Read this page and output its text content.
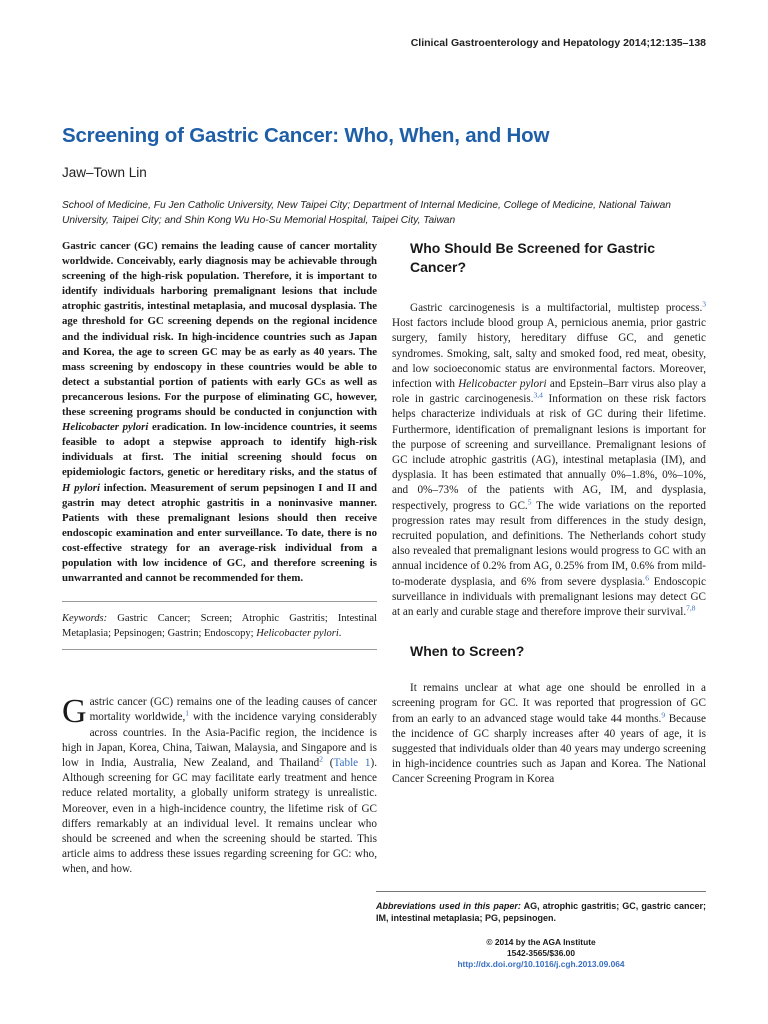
Clinical Gastroenterology and Hepatology 2014;12:135–138
Screening of Gastric Cancer: Who, When, and How
Jaw–Town Lin
School of Medicine, Fu Jen Catholic University, New Taipei City; Department of Internal Medicine, College of Medicine, National Taiwan University, Taipei City; and Shin Kong Wu Ho-Su Memorial Hospital, Taipei City, Taiwan

Gastric cancer (GC) remains the leading cause of cancer mortality worldwide. Conceivably, early diagnosis may be achievable through screening of the high-risk population. Therefore, it is important to identify individuals harboring premalignant lesions that include atrophic gastritis, intestinal metaplasia, and mucosal dysplasia. The age threshold for GC screening depends on the regional incidence and the individual risk. In high-incidence countries such as Japan and Korea, the age to screen GC may be as early as 40 years. The mass screening by endoscopy in these countries would be able to detect a substantial portion of patients with early GCs as well as precancerous lesions. For the purpose of eliminating GC, however, these screening programs should be conducted in conjunction with Helicobacter pylori eradication. In low-incidence countries, it seems feasible to adopt a stepwise approach to identify high-risk individuals at first. The initial screening should focus on epidemiologic factors, genetic or hereditary risks, and the status of H pylori infection. Measurement of serum pepsinogen I and II and gastrin may detect atrophic gastritis in a noninvasive manner. Patients with these premalignant lesions should then receive endoscopic examination and enter surveillance. To date, there is no cost-effective strategy for an average-risk individual from a population with low incidence of GC, and therefore screening is unwarranted and cannot be recommended for them.

Keywords: Gastric Cancer; Screen; Atrophic Gastritis; Intestinal Metaplasia; Pepsinogen; Gastrin; Endoscopy; Helicobacter pylori.
Gastric cancer (GC) remains one of the leading causes of cancer mortality worldwide,$^1$ with the incidence varying considerably across countries. In the Asia-Pacific region, the incidence is high in Japan, Korea, China, Taiwan, Malaysia, and Singapore and is low in India, Australia, New Zealand, and Thailand$^2$ (Table 1). Although screening for GC may facilitate early treatment and hence reduce related mortality, a globally uniform strategy is unrealistic. Moreover, even in a high-incidence country, the lifetime risk of GC differs remarkably at an individual level. It remains unclear who should be screened and when the screening should be started. This article aims to address these issues regarding screening for GC: who, when, and how.
Who Should Be Screened for Gastric Cancer?

Gastric carcinogenesis is a multifactorial, multistep process.$^3$ Host factors include blood group A, pernicious anemia, prior gastric surgery, family history, hereditary diffuse GC, and genetic syndromes. Smoking, salt, salty and smoked food, red meat, obesity, and low socioeconomic status are environmental factors. Moreover, infection with Helicobacter pylori and Epstein–Barr virus also play a role in gastric carcinogenesis.$^{3,4}$ Information on these risk factors helps characterize individuals at risk of GC during their lifetime. Furthermore, identification of premalignant lesions is important for the purpose of screening and surveillance. Premalignant lesions of GC include atrophic gastritis (AG), intestinal metaplasia (IM), and dysplasia. It has been estimated that annually 0%–1.8%, 0%–10%, and 0%–73% of the patients with AG, IM, and dysplasia, respectively, progress to GC.$^5$ The wide variations on the reported progression rates may result from differences in the study design, recruited population, and definitions. The Netherlands cohort study also revealed that premalignant lesions would progress to GC with an annual incidence of 0.2% from AG, 0.25% from IM, 0.6% from mild-to-moderate dysplasia, and 6% from severe dysplasia.$^6$ Endoscopic surveillance in individuals with premalignant lesions may detect GC at an early and curable stage and therefore improve their survival.$^{7,8}$

When to Screen?

It remains unclear at what age one should be enrolled in a screening program for GC. It was reported that progression of GC from an early to an advanced stage would take 44 months.$^9$ Because the incidence of GC sharply increases after 40 years of age, it is suggested that individuals older than 40 years may undergo screening in high-incidence countries such as Japan and Korea. The National Cancer Screening Program in Korea

Abbreviations used in this paper: AG, atrophic gastritis; GC, gastric cancer; IM, intestinal metaplasia; PG, pepsinogen.
© 2014 by the AGA Institute
1542-3565/$36.00
http://dx.doi.org/10.1016/j.cgh.2013.09.064
